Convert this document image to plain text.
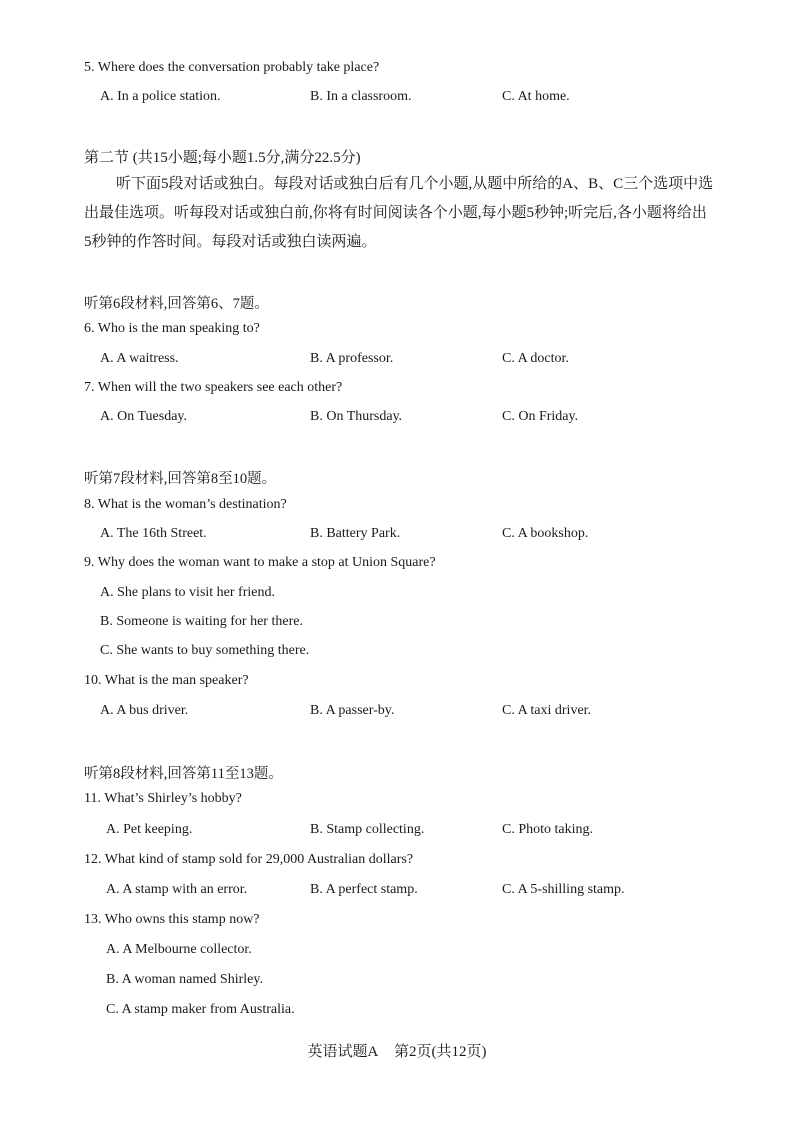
5. Where does the conversation probably take place?
A. In a police station.	B. In a classroom.	C. At home.
第二节 (共15小题;每小题1.5分,满分22.5分)
听下面5段对话或独白。每段对话或独白后有几个小题,从题中所给的A、B、C三个选项中选出最佳选项。听每段对话或独白前,你将有时间阅读各个小题,每小题5秒钟;听完后,各小题将给出5秒钟的作答时间。每段对话或独白读两遍。
听第6段材料,回答第6、7题。
6. Who is the man speaking to?
A. A waitress.	B. A professor.	C. A doctor.
7. When will the two speakers see each other?
A. On Tuesday.	B. On Thursday.	C. On Friday.
听第7段材料,回答第8至10题。
8. What is the woman’s destination?
A. The 16th Street.	B. Battery Park.	C. A bookshop.
9. Why does the woman want to make a stop at Union Square?
A. She plans to visit her friend.
B. Someone is waiting for her there.
C. She wants to buy something there.
10. What is the man speaker?
A. A bus driver.	B. A passer-by.	C. A taxi driver.
听第8段材料,回答第11至13题。
11. What’s Shirley’s hobby?
A. Pet keeping.	B. Stamp collecting.	C. Photo taking.
12. What kind of stamp sold for 29,000 Australian dollars?
A. A stamp with an error.	B. A perfect stamp.	C. A 5-shilling stamp.
13. Who owns this stamp now?
A. A Melbourne collector.
B. A woman named Shirley.
C. A stamp maker from Australia.
英语试题A 第2页(共12页)
